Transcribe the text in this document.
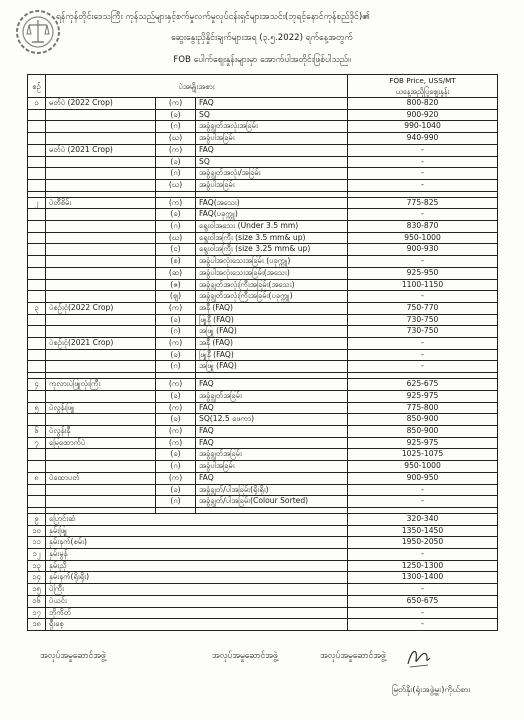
ရန်ကုန်တိုင်းဒေသကြီး ကုန်သည်များနှင့်စက်မှုလက်မှုလုပ်ငန်းရှင်များအသင်း(ဘုရင့်နောင်ကုန်စည်ဒိုင်)၏
ဆွေးနွေးညှိနှိုင်းချက်များအရ (၃.၅.2022) ရက်နေ့အတွက်
FOB ပေါက်ဈေးနှုန်းများမှာ အောက်ပါအတိုင်းဖြစ်ပါသည်။
စဉ်	ပဲအမျိုးအစား			FOB Price, USS/MT
ယနေ့အညှိပြုဈေးနှုန်း

၁	မတ်ပဲ (2022 Crop)	(က)	FAQ	800-820
		(ခ)	SQ	900-920
		(ဂ)	အခွံချွတ်အလုံးအခြမ်း	990-1040
		(ဃ)	အခွံပါအခြမ်း	940-990
	မတ်ပဲ (2021 Crop)	(က)	FAQ	-
		(ခ)	SQ	-
		(ဂ)	အခွံချွတ်အလုံး/အခြမ်း	-
		(ဃ)	အခွံပါအခြမ်း	-

၂	ပဲတီစိမ်း	(က)	FAQ(အသေး)	775-825
		(ခ)	FAQ(ပခုက္ကူ)	-
		(ဂ)	ရွေးဝါအသေး (Under 3.5 mm)	830-870
		(ဃ)	ရွေးဝါအကြီး (size 3.5 mm& up)	950-1000
		(င)	ရွေးဝါအကြီး (size 3.25 mm& up)	900-930
		(စ)	အခွံပါအလုံးသေးအခြမ်း (ပခုက္ကူ)	-
		(ဆ)	အခွံပါအလုံးသေးအခြမ်း(အသေး)	925-950
		(ဇ)	အခွံချွတ်အလုံးကြီးအခြမ်း(အသေး)	1100-1150
		(ဈ)	အခွံချွတ်အလုံးကြီးအခြမ်း(ပခုက္ကူ)	-
၃	ပဲစဉ်းငုံ(2022 Crop)	(က)	အနီ (FAQ)	750-770
		(ခ)	ဖြူနီ (FAQ)	730-750
		(ဂ)	အဖြူ (FAQ)	730-750
	ပဲစဉ်းငုံ(2021 Crop)	(က)	အနီ (FAQ)	-
		(ခ)	ဖြူနီ (FAQ)	-
		(ဂ)	အဖြူ (FAQ)	-

၄	ကုလားပဲဖြူလုံးကြီး	(က)	FAQ	625-675
		(ခ)	အခွံချွတ်အခြမ်း	925-975
၅	ပဲလွန်းဖြူ	(က)	FAQ	775-800
		(ခ)	SQ(12.5 ဖေကာ)	850-900
၆	ပဲလွန်းနီ	(က)	FAQ	850-900
၇	မြေထောက်ပဲ	(က)	FAQ	925-975
		(ခ)	အခွံချွတ်အခြမ်း	1025-1075
		(ဂ)	အခွံပါအခြမ်း	950-1000
၈	ပဲထောပတ်	(က)	FAQ	900-950
		(ခ)	အခွံချွတ်/ပါအခြမ်း(ရိုးရိုး)	-
		(ဂ)	အခွံချွတ်/ပါအခြမ်း(Colour Sorted)	-

၉	ပြောင်းဆံ			320-340
၁၀	နှမ်းဖြူ			1350-1450
၁၁	နှမ်းနက်(စမ်း)			1950-2050
၁၂	နှမ်းမွန်			-
၁၃	နှမ်းညို			1250-1300
၁၄	နှမ်းနက်(ရိုးရိုး)			1300-1400
၁၅	ပဲကြီး			-
၁၆	ပဲယင်း			650-675
၁၇	ဘိုကိတ်			-
၁၈	ရှီးစေ့			-
အလုပ်အမှုဆောင်အဖွဲ့	အလုပ်အမှုဆောင်အဖွဲ့	အလုပ်အမှုဆောင်အဖွဲ့
မြတ်နိုး(ရုံးအဖွဲ့မှူး)ကိုယ်စား
